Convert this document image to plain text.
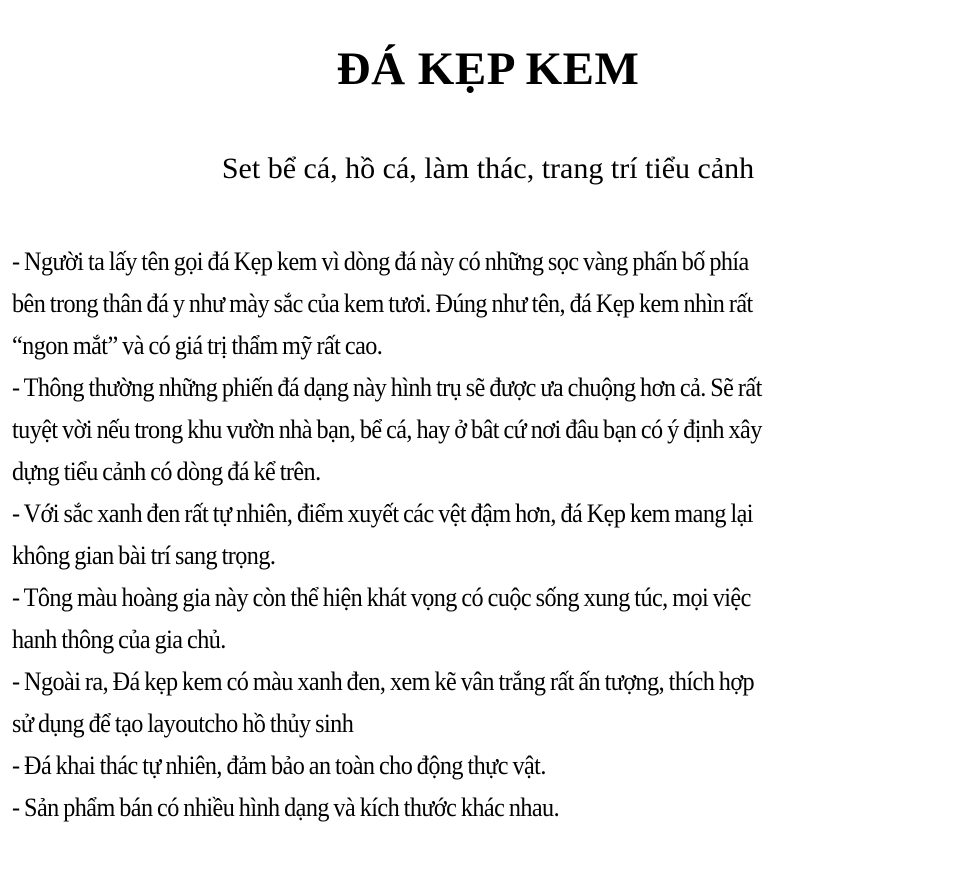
ĐÁ KẸP KEM
Set bể cá, hồ cá, làm thác, trang trí tiểu cảnh
- Người ta lấy tên gọi đá Kẹp kem vì dòng đá này có những sọc vàng phấn bố phía
bên trong thân đá y như mày sắc của kem tươi. Đúng như tên, đá Kẹp kem nhìn rất
“ngon mắt” và có giá trị thẩm mỹ rất cao.
- Thông thường những phiến đá dạng này hình trụ sẽ được ưa chuộng hơn cả. Sẽ rất
tuyệt vời nếu trong khu vườn nhà bạn, bể cá, hay ở bât cứ nơi đâu bạn có ý định xây
dựng tiểu cảnh có dòng đá kể trên.
- Với sắc xanh đen rất tự nhiên, điểm xuyết các vệt đậm hơn, đá Kẹp kem mang lại
không gian bài trí sang trọng.
- Tông màu hoàng gia này còn thể hiện khát vọng có cuộc sống xung túc, mọi việc
hanh thông của gia chủ.
- Ngoài ra, Đá kẹp kem có màu xanh đen, xem kẽ vân trắng rất ấn tượng, thích hợp
sử dụng để tạo layoutcho hồ thủy sinh
- Đá khai thác tự nhiên, đảm bảo an toàn cho động thực vật.
- Sản phẩm bán có nhiều hình dạng và kích thước khác nhau.
